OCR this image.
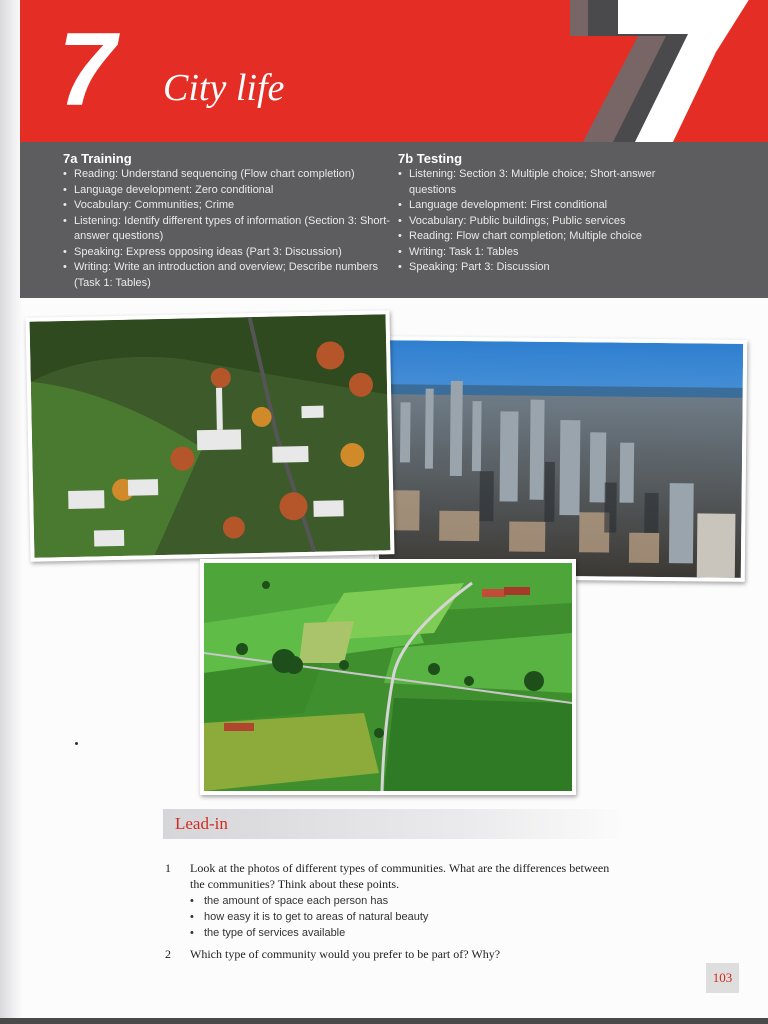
7 City life
7a Training
• Reading: Understand sequencing (Flow chart completion)
• Language development: Zero conditional
• Vocabulary: Communities; Crime
• Listening: Identify different types of information (Section 3: Short-answer questions)
• Speaking: Express opposing ideas (Part 3: Discussion)
• Writing: Write an introduction and overview; Describe numbers (Task 1: Tables)
7b Testing
• Listening: Section 3: Multiple choice; Short-answer questions
• Language development: First conditional
• Vocabulary: Public buildings; Public services
• Reading: Flow chart completion; Multiple choice
• Writing: Task 1: Tables
• Speaking: Part 3: Discussion
Lead-in
1 Look at the photos of different types of communities. What are the differences between
the communities? Think about these points.
• the amount of space each person has
• how easy it is to get to areas of natural beauty
• the type of services available
2 Which type of community would you prefer to be part of? Why?
103
